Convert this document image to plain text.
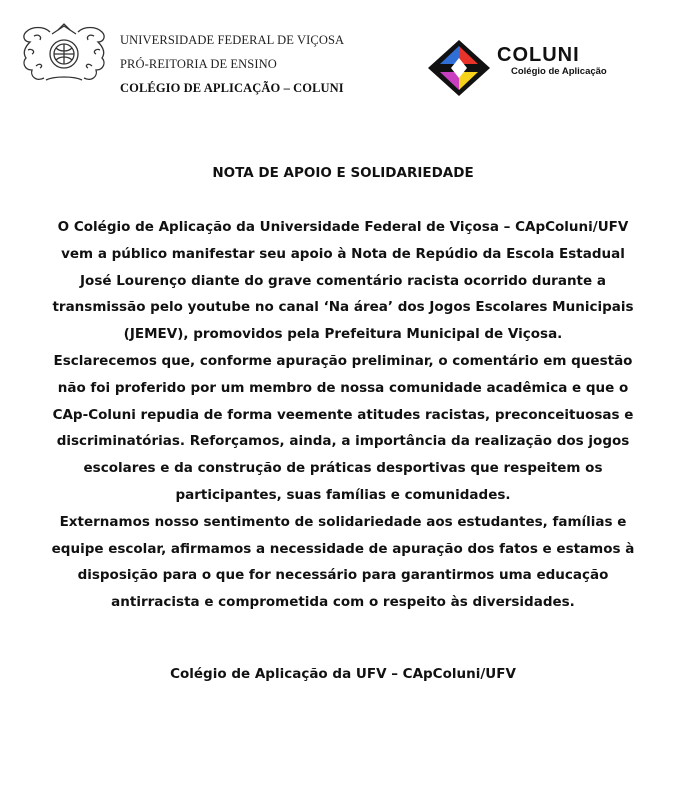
UNIVERSIDADE FEDERAL DE VIÇOSA
PRÓ-REITORIA DE ENSINO
COLÉGIO DE APLICAÇÃO – COLUNI
COLUNI
Colégio de Aplicação
NOTA DE APOIO E SOLIDARIEDADE
O Colégio de Aplicação da Universidade Federal de Viçosa – CApColuni/UFV
vem a público manifestar seu apoio à Nota de Repúdio da Escola Estadual
José Lourenço diante do grave comentário racista ocorrido durante a
transmissão pelo youtube no canal ‘Na área’ dos Jogos Escolares Municipais
(JEMEV), promovidos pela Prefeitura Municipal de Viçosa.
Esclarecemos que, conforme apuração preliminar, o comentário em questão
não foi proferido por um membro de nossa comunidade acadêmica e que o
CAp-Coluni repudia de forma veemente atitudes racistas, preconceituosas e
discriminatórias. Reforçamos, ainda, a importância da realização dos jogos
escolares e da construção de práticas desportivas que respeitem os
participantes, suas famílias e comunidades.
Externamos nosso sentimento de solidariedade aos estudantes, famílias e
equipe escolar, afirmamos a necessidade de apuração dos fatos e estamos à
disposição para o que for necessário para garantirmos uma educação
antirracista e comprometida com o respeito às diversidades.
Colégio de Aplicação da UFV – CApColuni/UFV
